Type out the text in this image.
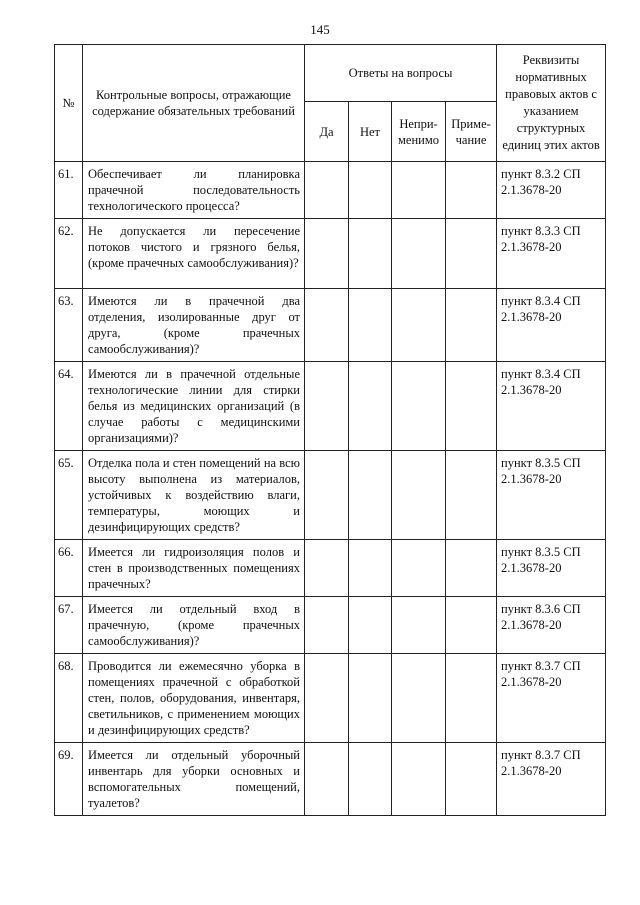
145
№	Контрольные вопросы, отражающие содержание обязательных требований	Ответы на вопросы				Реквизиты нормативных правовых актов с указанием структурных единиц этих актов
		Да	Нет	Непри-менимо	Приме-чание	
61.	Обеспечивает ли планировка прачечной последовательность технологического процесса?					пункт 8.3.2 СП 2.1.3678-20
62.	Не допускается ли пересечение потоков чистого и грязного белья, (кроме прачечных самообслуживания)?					пункт 8.3.3 СП 2.1.3678-20
63.	Имеются ли в прачечной два отделения, изолированные друг от друга, (кроме прачечных самообслуживания)?					пункт 8.3.4 СП 2.1.3678-20
64.	Имеются ли в прачечной отдельные технологические линии для стирки белья из медицинских организаций (в случае работы с медицинскими организациями)?					пункт 8.3.4 СП 2.1.3678-20
65.	Отделка пола и стен помещений на всю высоту выполнена из материалов, устойчивых к воздействию влаги, температуры, моющих и дезинфицирующих средств?					пункт 8.3.5 СП 2.1.3678-20
66.	Имеется ли гидроизоляция полов и стен в производственных помещениях прачечных?					пункт 8.3.5 СП 2.1.3678-20
67.	Имеется ли отдельный вход в прачечную, (кроме прачечных самообслуживания)?					пункт 8.3.6 СП 2.1.3678-20
68.	Проводится ли ежемесячно уборка в помещениях прачечной с обработкой стен, полов, оборудования, инвентаря, светильников, с применением моющих и дезинфицирующих средств?					пункт 8.3.7 СП 2.1.3678-20
69.	Имеется ли отдельный уборочный инвентарь для уборки основных и вспомогательных помещений, туалетов?					пункт 8.3.7 СП 2.1.3678-20
